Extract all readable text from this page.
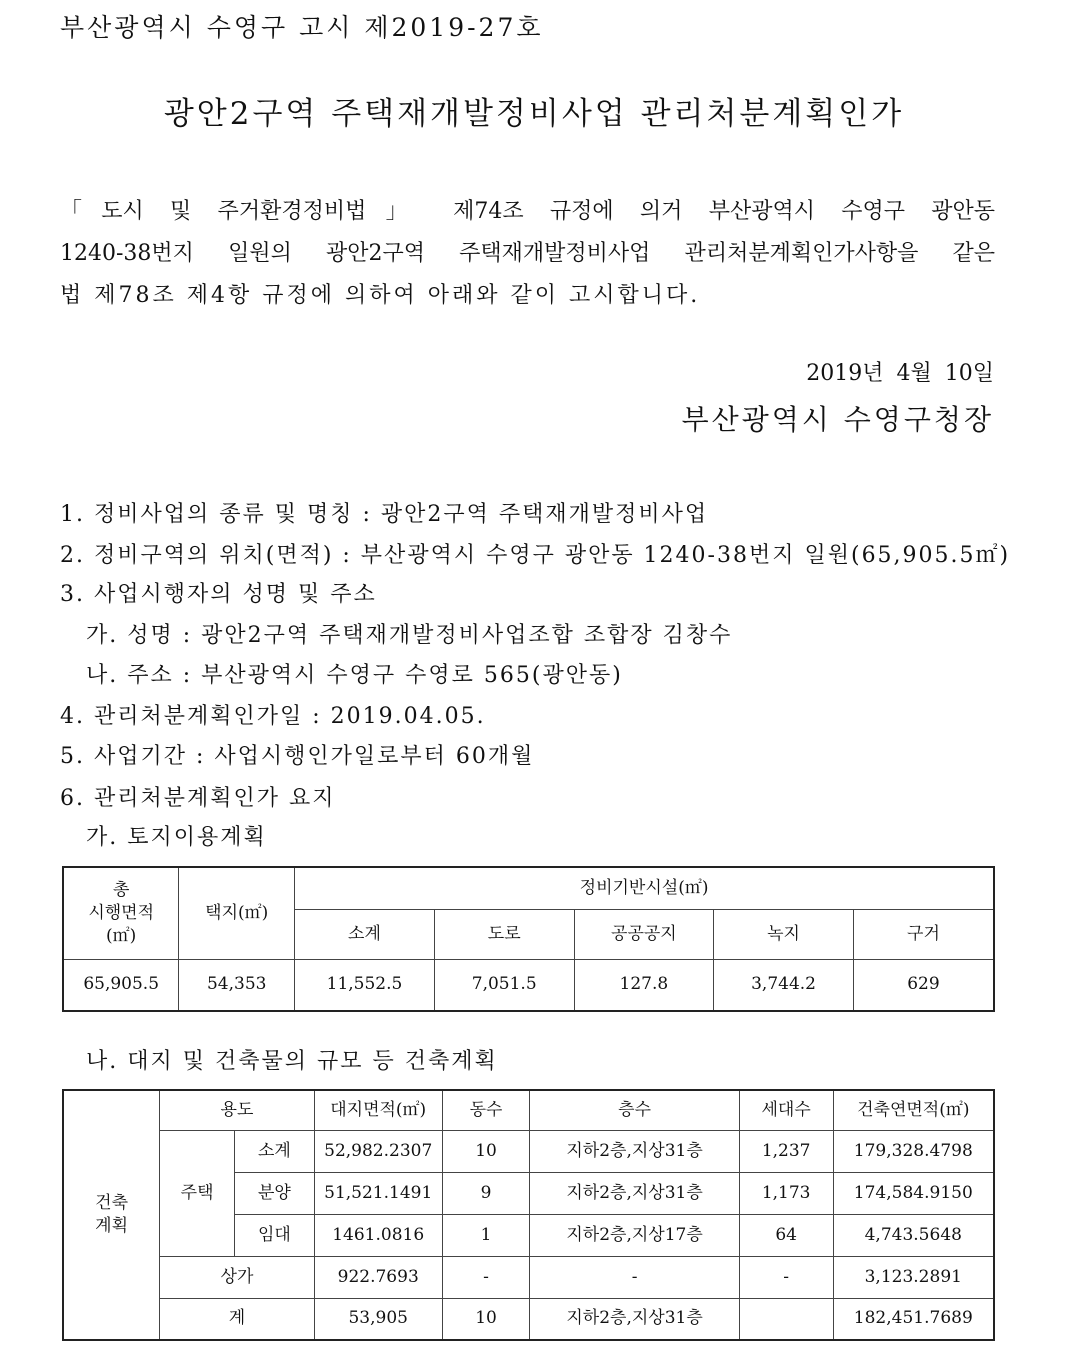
부산광역시 수영구 고시 제2019-27호
광안2구역 주택재개발정비사업 관리처분계획인가
「도시 및 주거환경정비법」 제74조 규정에 의거 부산광역시 수영구 광안동
1240-38번지 일원의 광안2구역 주택재개발정비사업 관리처분계획인가사항을 같은
법 제78조 제4항 규정에 의하여 아래와 같이 고시합니다.
2019년 4월 10일
부산광역시 수영구청장
1. 정비사업의 종류 및 명칭 : 광안2구역 주택재개발정비사업
2. 정비구역의 위치(면적) : 부산광역시 수영구 광안동 1240-38번지 일원(65,905.5㎡)
3. 사업시행자의 성명 및 주소
가. 성명 : 광안2구역 주택재개발정비사업조합 조합장 김창수
나. 주소 : 부산광역시 수영구 수영로 565(광안동)
4. 관리처분계획인가일 : 2019.04.05.
5. 사업기간 : 사업시행인가일로부터 60개월
6. 관리처분계획인가 요지
가. 토지이용계획
총
시행면적
(㎡)	택지(㎡)	정비기반시설(㎡)				
		소계	도로	공공공지	녹지	구거
65,905.5	54,353	11,552.5	7,051.5	127.8	3,744.2	629
나. 대지 및 건축물의 규모 등 건축계획
건축
계획	용도		대지면적(㎡)	동수	층수	세대수	건축연면적(㎡)
	주택	소계	52,982.2307	10	지하2층,지상31층	1,237	179,328.4798
		분양	51,521.1491	9	지하2층,지상31층	1,173	174,584.9150
		임대	1461.0816	1	지하2층,지상17층	64	4,743.5648
	상가		922.7693	-	-	-	3,123.2891
	계		53,905	10	지하2층,지상31층		182,451.7689
